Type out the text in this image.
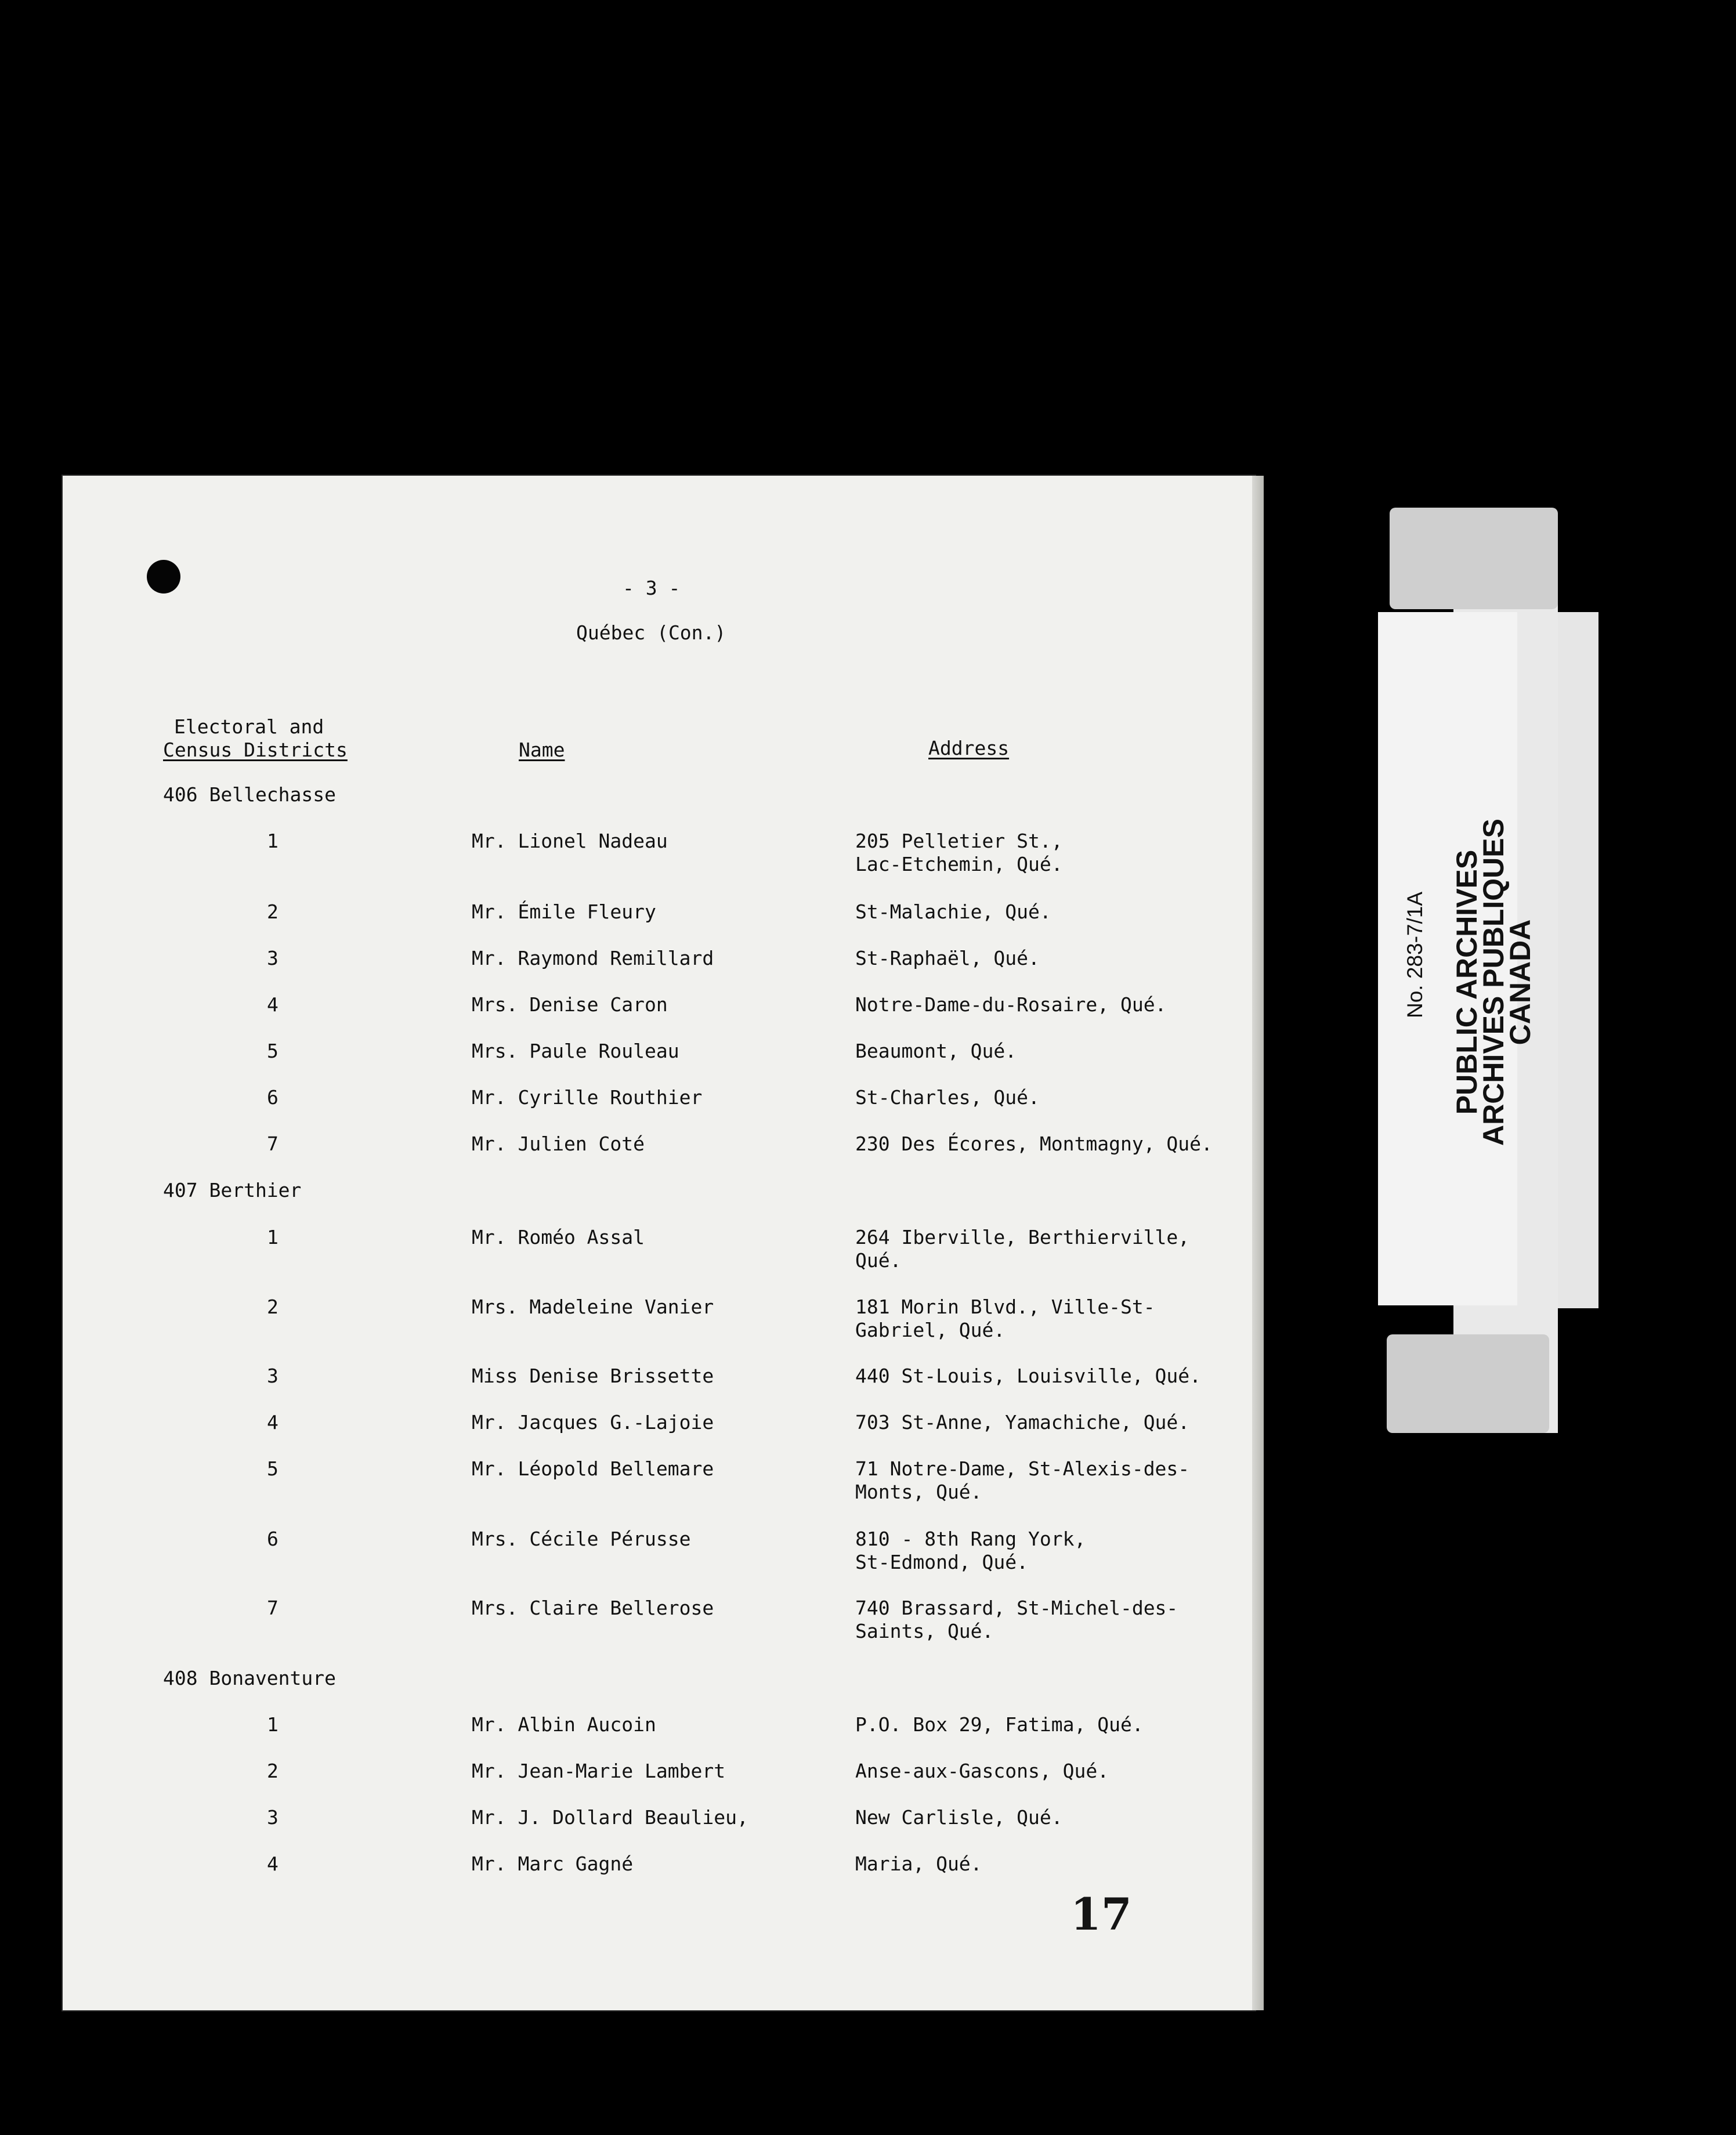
- 3 -
Québec (Con.)
Electoral and
Census Districts	Name	Address
406 Bellechasse
1	Mr. Lionel Nadeau	205 Pelletier St.,
Lac-Etchemin, Qué.
2	Mr. Émile Fleury	St-Malachie, Qué.
3	Mr. Raymond Remillard	St-Raphaël, Qué.
4	Mrs. Denise Caron	Notre-Dame-du-Rosaire, Qué.
5	Mrs. Paule Rouleau	Beaumont, Qué.
6	Mr. Cyrille Routhier	St-Charles, Qué.
7	Mr. Julien Coté	230 Des Écores, Montmagny, Qué.
407 Berthier
1	Mr. Roméo Assal	264 Iberville, Berthierville,
Qué.
2	Mrs. Madeleine Vanier	181 Morin Blvd., Ville-St-
Gabriel, Qué.
3	Miss Denise Brissette	440 St-Louis, Louisville, Qué.
4	Mr. Jacques G.-Lajoie	703 St-Anne, Yamachiche, Qué.
5	Mr. Léopold Bellemare	71 Notre-Dame, St-Alexis-des-
Monts, Qué.
6	Mrs. Cécile Pérusse	810 - 8th Rang York,
St-Edmond, Qué.
7	Mrs. Claire Bellerose	740 Brassard, St-Michel-des-
Saints, Qué.
408 Bonaventure
1	Mr. Albin Aucoin	P.O. Box 29, Fatima, Qué.
2	Mr. Jean-Marie Lambert	Anse-aux-Gascons, Qué.
3	Mr. J. Dollard Beaulieu,	New Carlisle, Qué.
4	Mr. Marc Gagné	Maria, Qué.
17
PUBLIC ARCHIVES
ARCHIVES PUBLIQUES
CANADA
No. 283-7/1A
